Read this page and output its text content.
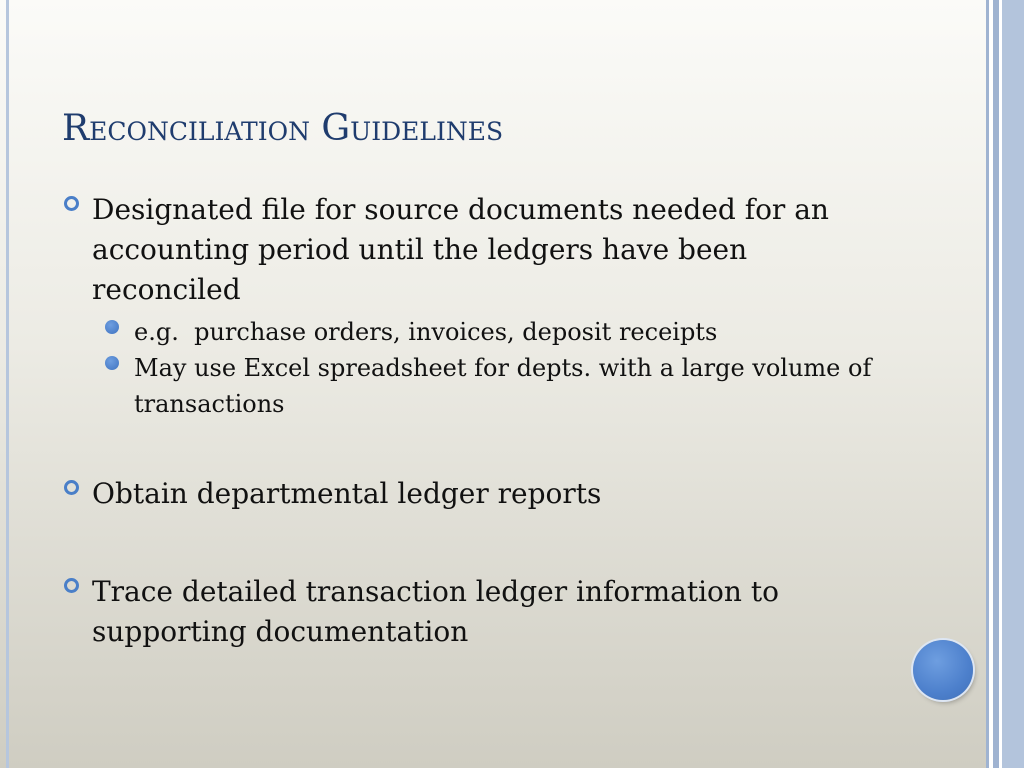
Reconciliation Guidelines
Designated file for source documents needed for an accounting period until the ledgers have been reconciled
e.g.  purchase orders, invoices, deposit receipts
May use Excel spreadsheet for depts. with a large volume of transactions
Obtain departmental ledger reports
Trace detailed transaction ledger information to supporting documentation
